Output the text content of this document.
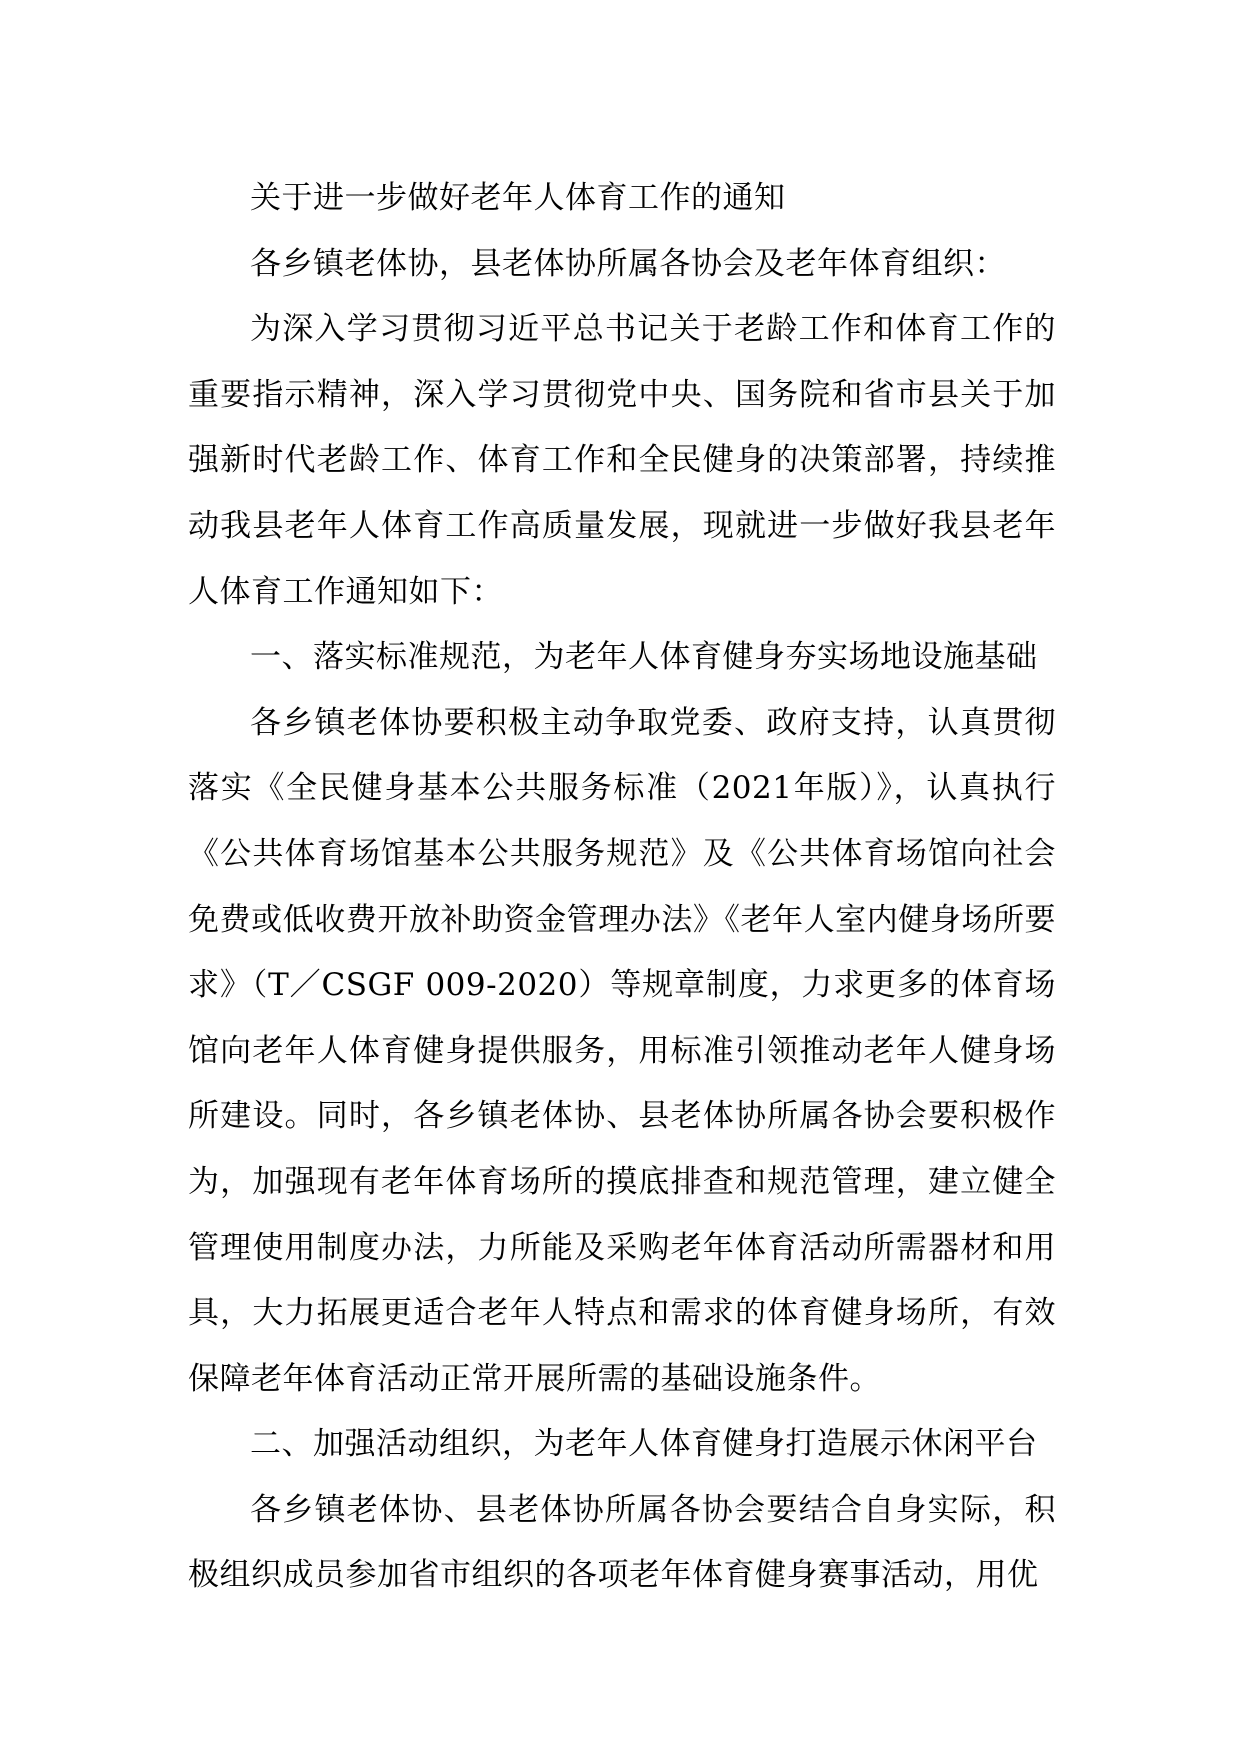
关于进一步做好老年人体育工作的通知

各乡镇老体协，县老体协所属各协会及老年体育组织：

为深入学习贯彻习近平总书记关于老龄工作和体育工作的重要指示精神，深入学习贯彻党中央、国务院和省市县关于加强新时代老龄工作、体育工作和全民健身的决策部署，持续推动我县老年人体育工作高质量发展，现就进一步做好我县老年人体育工作通知如下：

一、落实标准规范，为老年人体育健身夯实场地设施基础

各乡镇老体协要积极主动争取党委、政府支持，认真贯彻落实《全民健身基本公共服务标准（2021年版）》，认真执行《公共体育场馆基本公共服务规范》及《公共体育场馆向社会免费或低收费开放补助资金管理办法》《老年人室内健身场所要求》（T／CSGF 009-2020）等规章制度，力求更多的体育场馆向老年人体育健身提供服务，用标准引领推动老年人健身场所建设。同时，各乡镇老体协、县老体协所属各协会要积极作为，加强现有老年体育场所的摸底排查和规范管理，建立健全管理使用制度办法，力所能及采购老年体育活动所需器材和用具，大力拓展更适合老年人特点和需求的体育健身场所，有效保障老年体育活动正常开展所需的基础设施条件。

二、加强活动组织，为老年人体育健身打造展示休闲平台

各乡镇老体协、县老体协所属各协会要结合自身实际，积极组织成员参加省市组织的各项老年体育健身赛事活动，用优
